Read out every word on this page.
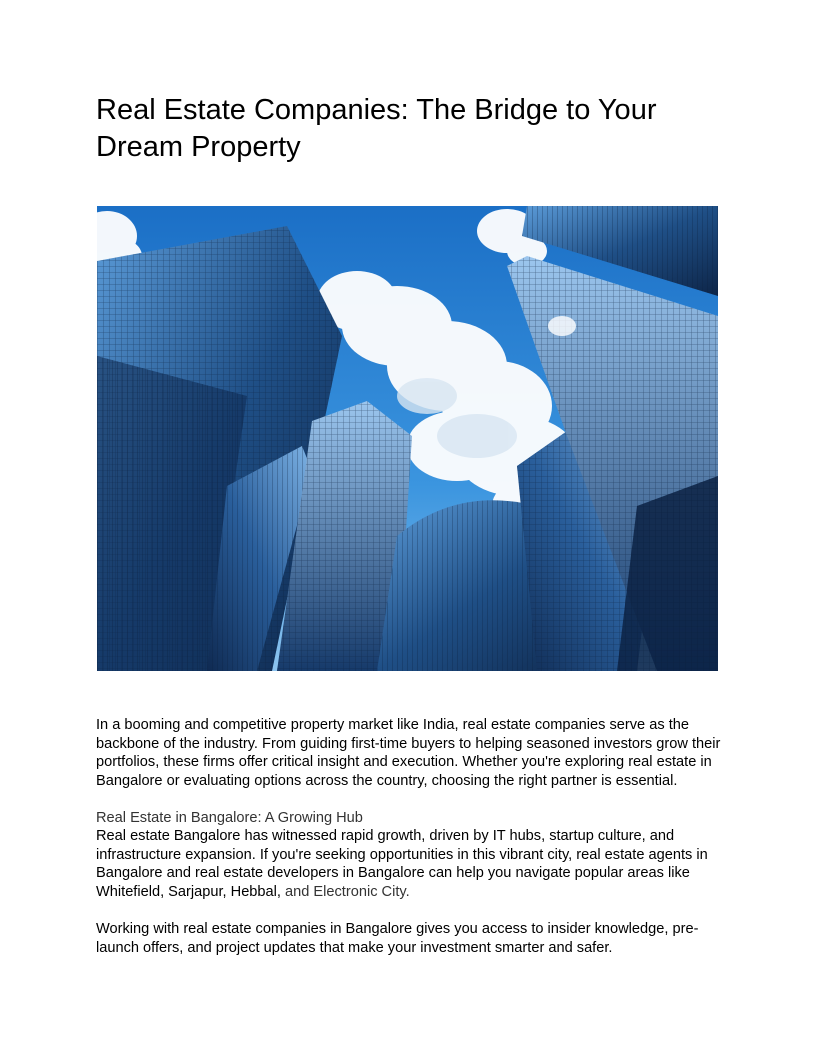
Real Estate Companies: The Bridge to Your Dream Property

In a booming and competitive property market like India, real estate companies serve as the backbone of the industry. From guiding first-time buyers to helping seasoned investors grow their portfolios, these firms offer critical insight and execution. Whether you're exploring real estate in Bangalore or evaluating options across the country, choosing the right partner is essential.

Real Estate in Bangalore: A Growing Hub

Real estate Bangalore has witnessed rapid growth, driven by IT hubs, startup culture, and infrastructure expansion. If you're seeking opportunities in this vibrant city, real estate agents in Bangalore and real estate developers in Bangalore can help you navigate popular areas like Whitefield, Sarjapur, Hebbal, and Electronic City.

Working with real estate companies in Bangalore gives you access to insider knowledge, pre-launch offers, and project updates that make your investment smarter and safer.
